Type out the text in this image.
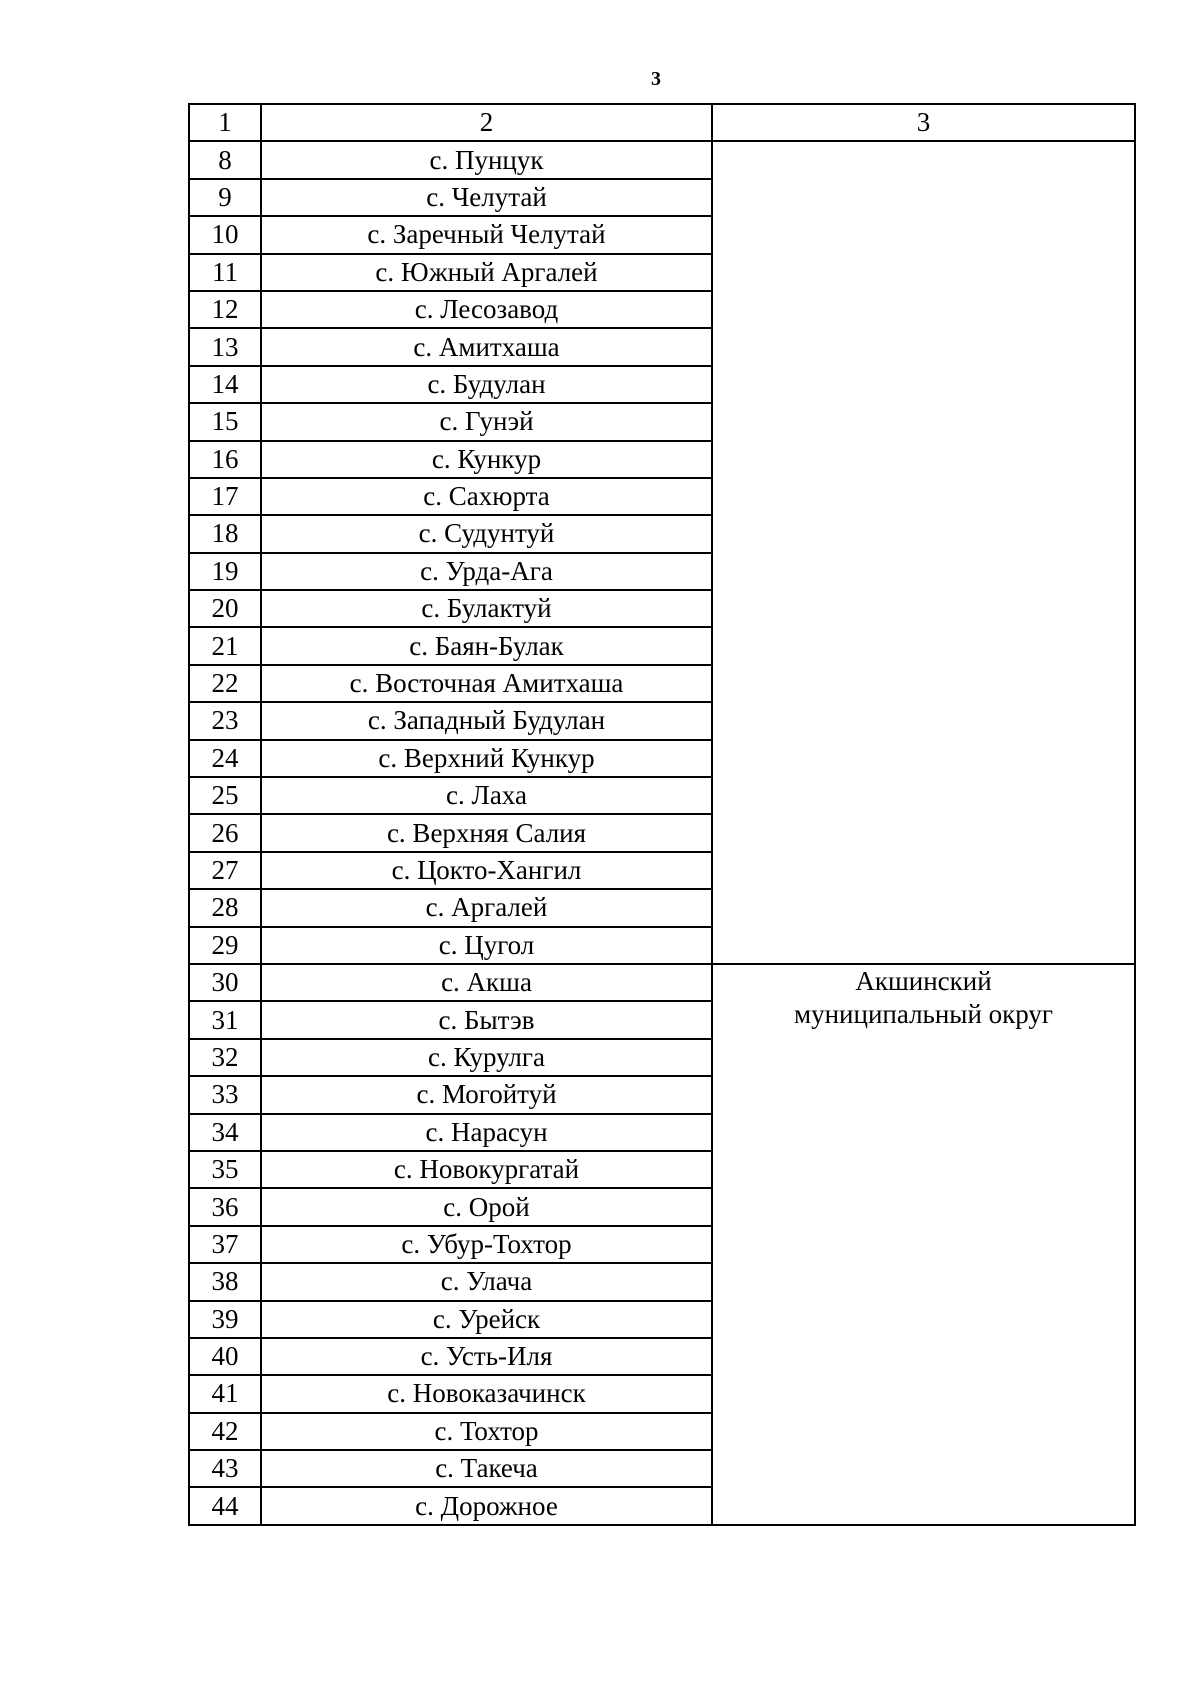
3
1	2	3
8	с. Пунцук	
9	с. Челутай	
10	с. Заречный Челутай	
11	с. Южный Аргалей	
12	с. Лесозавод	
13	с. Амитхаша	
14	с. Будулан	
15	с. Гунэй	
16	с. Кункур	
17	с. Сахюрта	
18	с. Судунтуй	
19	с. Урда-Ага	
20	с. Булактуй	
21	с. Баян-Булак	
22	с. Восточная Амитхаша	
23	с. Западный Будулан	
24	с. Верхний Кункур	
25	с. Лаха	
26	с. Верхняя Салия	
27	с. Цокто-Хангил	
28	с. Аргалей	
29	с. Цугол	
30	с. Акша	Акшинский
муниципальный округ

31	с. Бытэв	
32	с. Курулга	
33	с. Могойтуй	
34	с. Нарасун	
35	с. Новокургатай	
36	с. Орой	
37	с. Убур-Тохтор	
38	с. Улача	
39	с. Урейск	
40	с. Усть-Иля	
41	с. Новоказачинск	
42	с. Тохтор	
43	с. Такеча	
44	с. Дорожное	
